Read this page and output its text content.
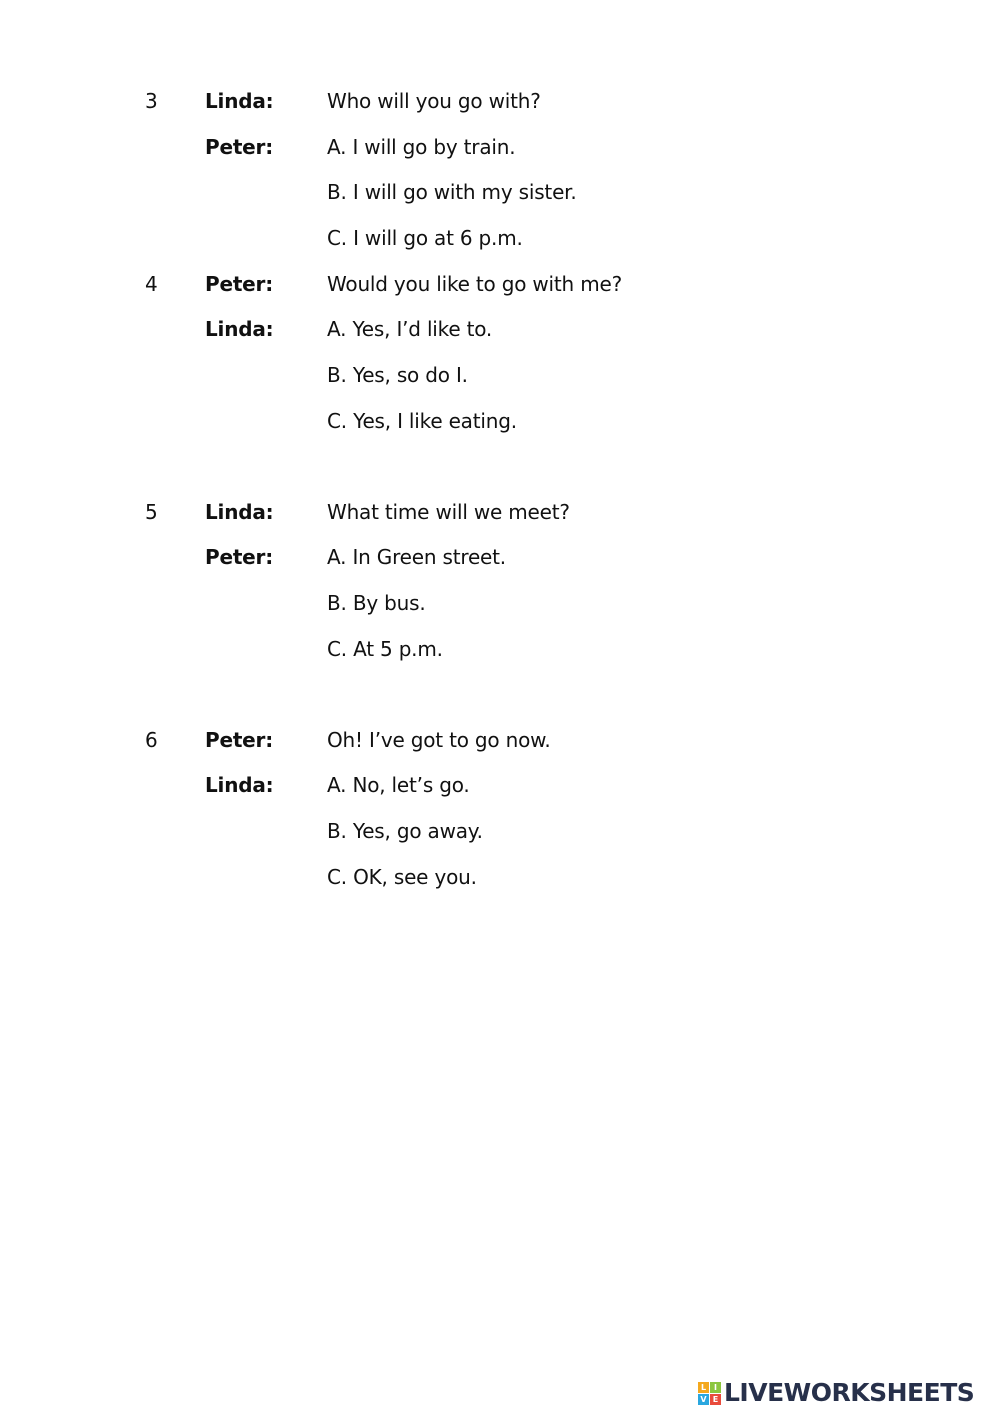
3 Linda:	Who will you go with?
Peter:	A. I will go by train.
B. I will go with my sister.
C. I will go at 6 p.m.
4 Peter:	Would you like to go with me?
Linda:	A. Yes, I’d like to.
B. Yes, so do I.
C. Yes, I like eating.
5 Linda:	What time will we meet?
Peter:	A. In Green street.
B. By bus.
C. At 5 p.m.
6 Peter:	Oh! I’ve got to go now.
Linda:	A. No, let’s go.
B. Yes, go away.
C. OK, see you.
L I
V E LIVEWORKSHEETS
